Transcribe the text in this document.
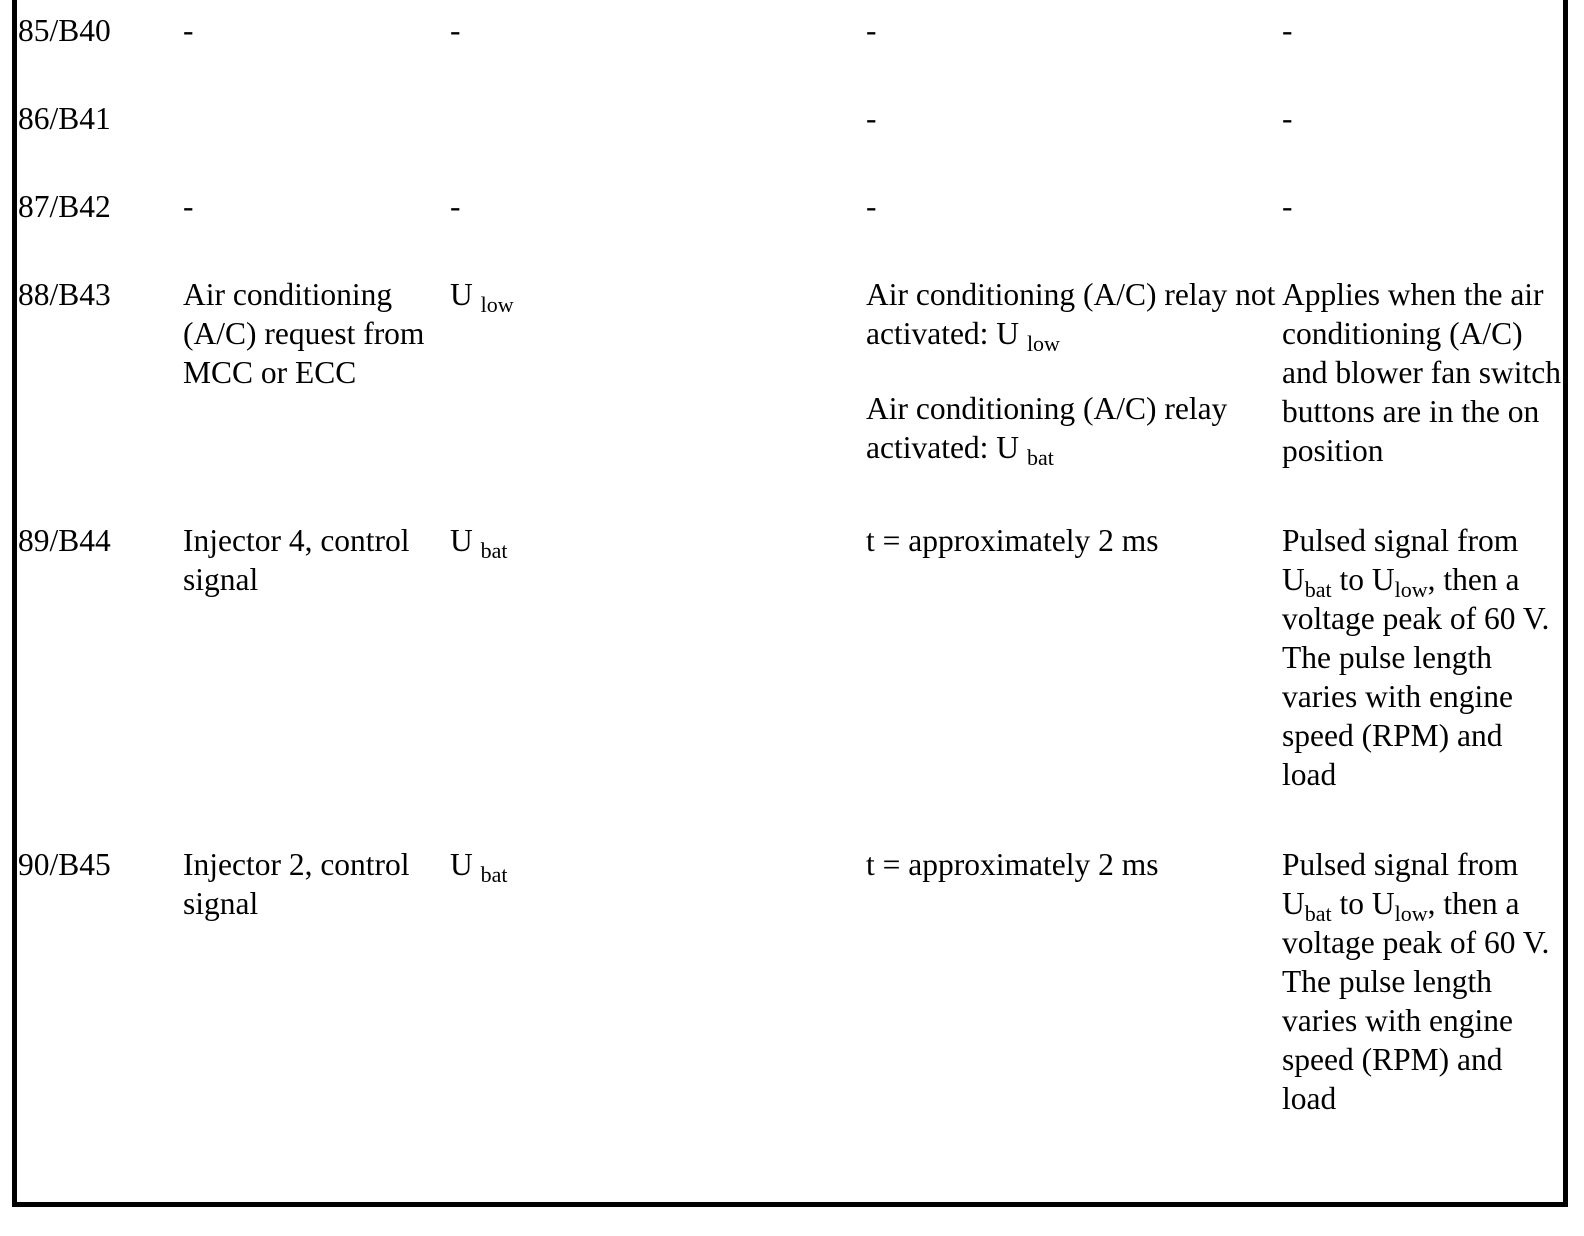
85/B40	-	-	-	-
86/B41			-	-
87/B42	-	-	-	-
88/B43	Air conditioning (A/C) request from MCC or ECC	U $_{low}$	Air conditioning (A/C) relay not activated: U $_{low}$
Air conditioning (A/C) relay activated: U $_{bat}$	Applies when the air conditioning (A/C) and blower fan switch buttons are in the on position
89/B44	Injector 4, control signal	U $_{bat}$	t = approximately 2 ms	Pulsed signal from $U_{bat}$ to $U_{low}$, then a voltage peak of 60 V. The pulse length varies with engine speed (RPM) and load
90/B45	Injector 2, control signal	U $_{bat}$	t = approximately 2 ms	Pulsed signal from $U_{bat}$ to $U_{low}$, then a voltage peak of 60 V. The pulse length varies with engine speed (RPM) and load
